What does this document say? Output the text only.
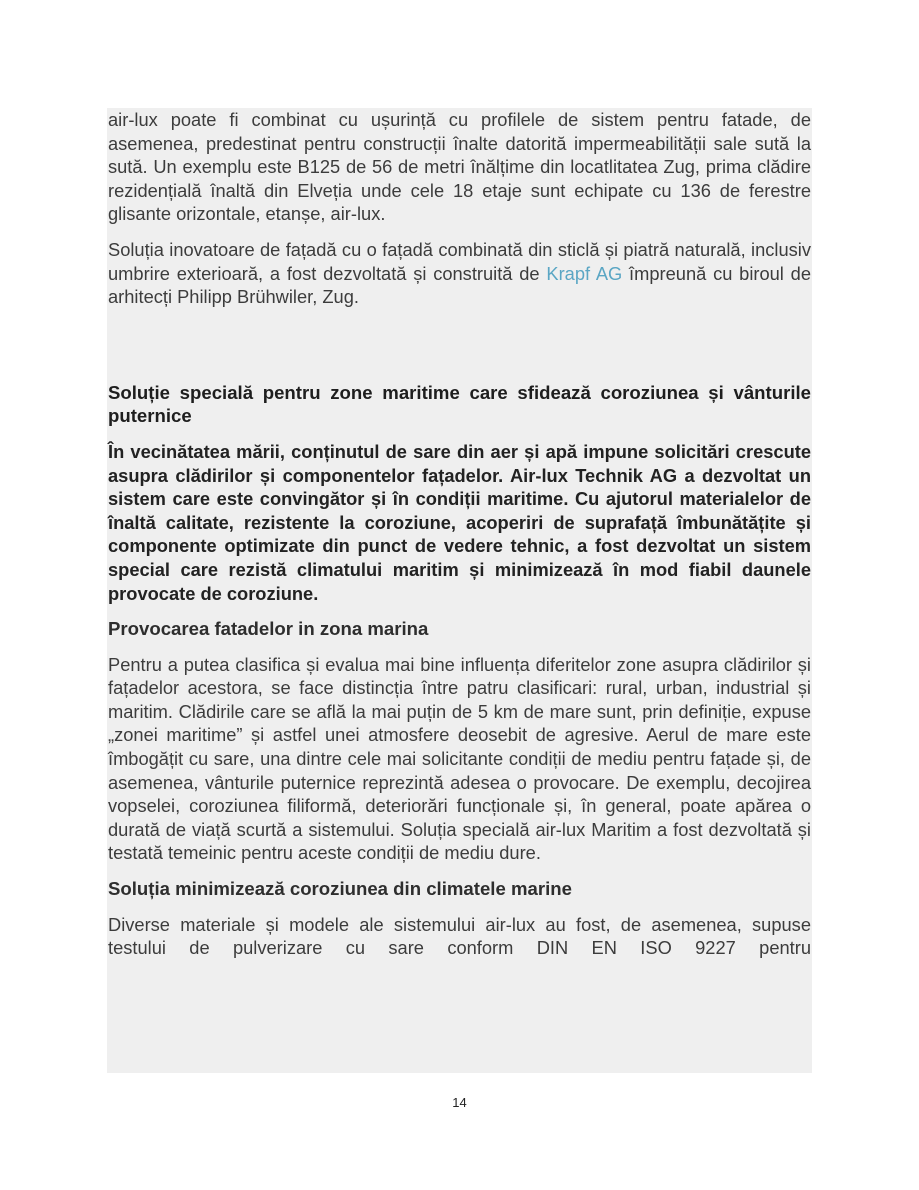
air-lux poate fi combinat cu ușurință cu profilele de sistem pentru fatade, de asemenea, predestinat pentru construcții înalte datorită impermeabilității sale sută la sută. Un exemplu este B125 de 56 de metri înălțime din locatlitatea Zug, prima clădire rezidențială înaltă din Elveția unde cele 18 etaje sunt echipate cu 136 de ferestre glisante orizontale, etanșe, air-lux.

Soluția inovatoare de fațadă cu o fațadă combinată din sticlă și piatră naturală, inclusiv umbrire exterioară, a fost dezvoltată și construită de Krapf AG împreună cu biroul de arhitecți Philipp Brühwiler, Zug.

Soluție specială pentru zone maritime care sfidează coroziunea și vânturile puternice

În vecinătatea mării, conținutul de sare din aer și apă impune solicitări crescute asupra clădirilor și componentelor fațadelor. Air-lux Technik AG a dezvoltat un sistem care este convingător și în condiții maritime. Cu ajutorul materialelor de înaltă calitate, rezistente la coroziune, acoperiri de suprafață îmbunătățite și componente optimizate din punct de vedere tehnic, a fost dezvoltat un sistem special care rezistă climatului maritim și minimizează în mod fiabil daunele provocate de coroziune.

Provocarea fatadelor in zona marina

Pentru a putea clasifica și evalua mai bine influența diferitelor zone asupra clădirilor și fațadelor acestora, se face distincția între patru clasificari: rural, urban, industrial și maritim. Clădirile care se află la mai puțin de 5 km de mare sunt, prin definiție, expuse „zonei maritime” și astfel unei atmosfere deosebit de agresive. Aerul de mare este îmbogățit cu sare, una dintre cele mai solicitante condiții de mediu pentru fațade și, de asemenea, vânturile puternice reprezintă adesea o provocare. De exemplu, decojirea vopselei, coroziunea filiformă, deteriorări funcționale și, în general, poate apărea o durată de viață scurtă a sistemului. Soluția specială air-lux Maritim a fost dezvoltată și testată temeinic pentru aceste condiții de mediu dure.

Soluția minimizează coroziunea din climatele marine

Diverse materiale și modele ale sistemului air-lux au fost, de asemenea, supuse testului de pulverizare cu sare conform DIN EN ISO 9227 pentru

14
